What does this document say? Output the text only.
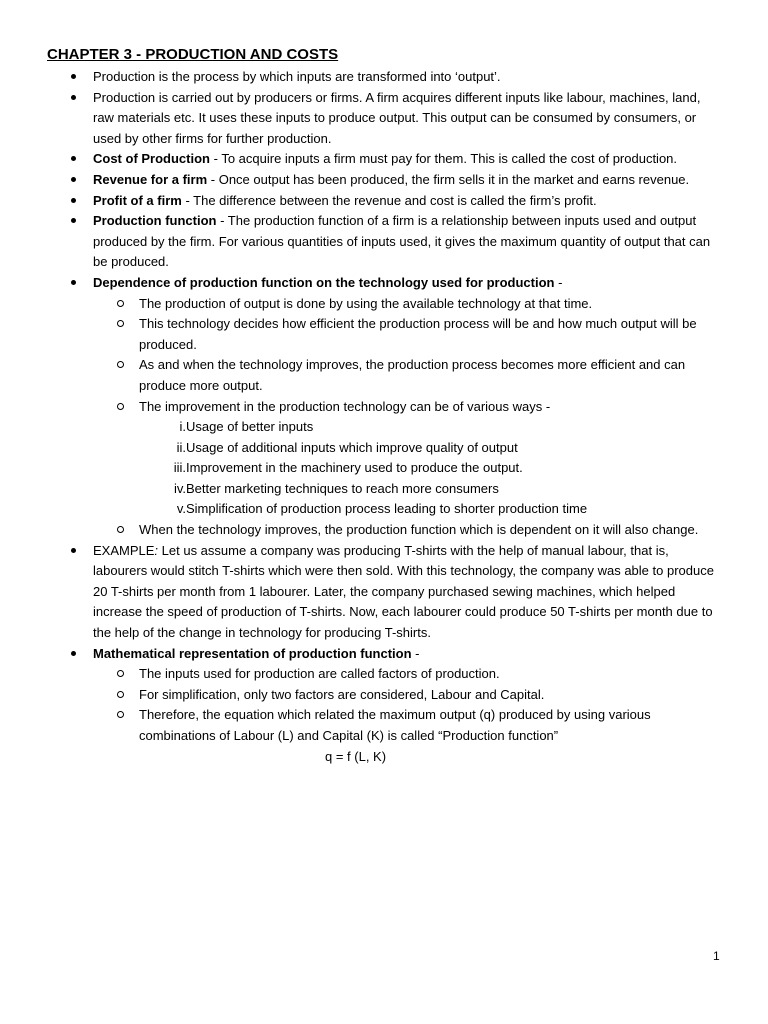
CHAPTER 3 - PRODUCTION AND COSTS
Production is the process by which inputs are transformed into ‘output’.
Production is carried out by producers or firms. A firm acquires different inputs like labour, machines, land, raw materials etc. It uses these inputs to produce output. This output can be consumed by consumers, or used by other firms for further production.
Cost of Production - To acquire inputs a firm must pay for them. This is called the cost of production.
Revenue for a firm - Once output has been produced, the firm sells it in the market and earns revenue.
Profit of a firm - The difference between the revenue and cost is called the firm’s profit.
Production function - The production function of a firm is a relationship between inputs used and output produced by the firm. For various quantities of inputs used, it gives the maximum quantity of output that can be produced.
Dependence of production function on the technology used for production -
The production of output is done by using the available technology at that time.
This technology decides how efficient the production process will be and how much output will be produced.
As and when the technology improves, the production process becomes more efficient and can produce more output.
The improvement in the production technology can be of various ways -
i. Usage of better inputs
ii. Usage of additional inputs which improve quality of output
iii. Improvement in the machinery used to produce the output.
iv. Better marketing techniques to reach more consumers
v. Simplification of production process leading to shorter production time
When the technology improves, the production function which is dependent on it will also change.
EXAMPLE: Let us assume a company was producing T-shirts with the help of manual labour, that is, labourers would stitch T-shirts which were then sold. With this technology, the company was able to produce 20 T-shirts per month from 1 labourer. Later, the company purchased sewing machines, which helped increase the speed of production of T-shirts. Now, each labourer could produce 50 T-shirts per month due to the help of the change in technology for producing T-shirts.
Mathematical representation of production function -
The inputs used for production are called factors of production.
For simplification, only two factors are considered, Labour and Capital.
Therefore, the equation which related the maximum output (q) produced by using various combinations of Labour (L) and Capital (K) is called “Production function”
q = f (L, K)
1
